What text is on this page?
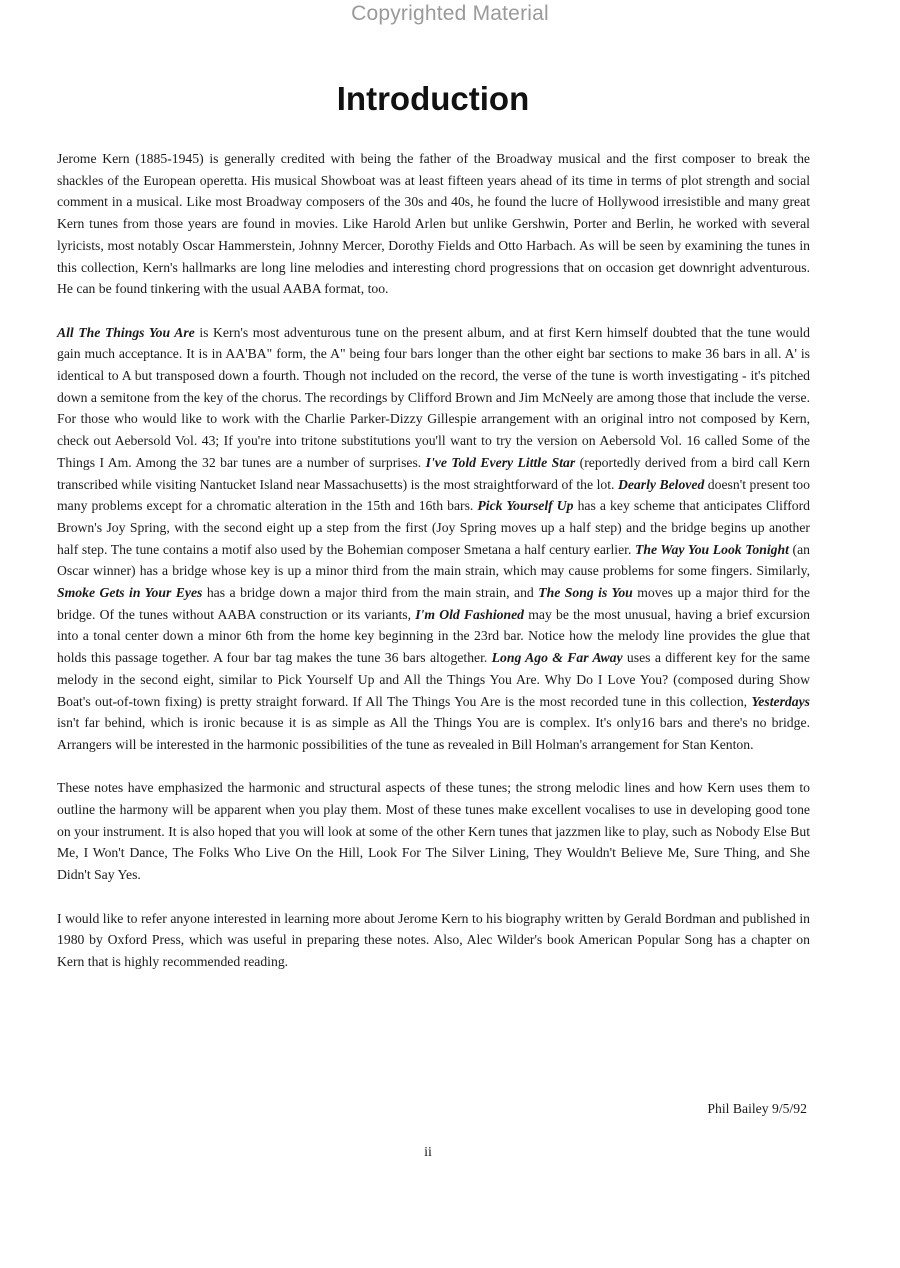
Copyrighted Material
Introduction

Jerome Kern (1885-1945) is generally credited with being the father of the Broadway musical and the first composer to break the shackles of the European operetta. His musical Showboat was at least fifteen years ahead of its time in terms of plot strength and social comment in a musical. Like most Broadway composers of the 30s and 40s, he found the lucre of Hollywood irresistible and many great Kern tunes from those years are found in movies. Like Harold Arlen but unlike Gershwin, Porter and Berlin, he worked with several lyricists, most notably Oscar Hammerstein, Johnny Mercer, Dorothy Fields and Otto Harbach. As will be seen by examining the tunes in this collection, Kern's hallmarks are long line melodies and interesting chord progressions that on occasion get downright adventurous. He can be found tinkering with the usual AABA format, too.

All The Things You Are is Kern's most adventurous tune on the present album, and at first Kern himself doubted that the tune would gain much acceptance. It is in AA'BA" form, the A" being four bars longer than the other eight bar sections to make 36 bars in all. A' is identical to A but transposed down a fourth. Though not included on the record, the verse of the tune is worth investigating - it's pitched down a semitone from the key of the chorus. The recordings by Clifford Brown and Jim McNeely are among those that include the verse. For those who would like to work with the Charlie Parker-Dizzy Gillespie arrangement with an original intro not composed by Kern, check out Aebersold Vol. 43; If you're into tritone substitutions you'll want to try the version on Aebersold Vol. 16 called Some of the Things I Am. Among the 32 bar tunes are a number of surprises. I've Told Every Little Star (reportedly derived from a bird call Kern transcribed while visiting Nantucket Island near Massachusetts) is the most straightforward of the lot. Dearly Beloved doesn't present too many problems except for a chromatic alteration in the 15th and 16th bars. Pick Yourself Up has a key scheme that anticipates Clifford Brown's Joy Spring, with the second eight up a step from the first (Joy Spring moves up a half step) and the bridge begins up another half step. The tune contains a motif also used by the Bohemian composer Smetana a half century earlier. The Way You Look Tonight (an Oscar winner) has a bridge whose key is up a minor third from the main strain, which may cause problems for some fingers. Similarly, Smoke Gets in Your Eyes has a bridge down a major third from the main strain, and The Song is You moves up a major third for the bridge. Of the tunes without AABA construction or its variants, I'm Old Fashioned may be the most unusual, having a brief excursion into a tonal center down a minor 6th from the home key beginning in the 23rd bar. Notice how the melody line provides the glue that holds this passage together. A four bar tag makes the tune 36 bars altogether. Long Ago & Far Away uses a different key for the same melody in the second eight, similar to Pick Yourself Up and All the Things You Are. Why Do I Love You? (composed during Show Boat's out-of-town fixing) is pretty straight forward. If All The Things You Are is the most recorded tune in this collection, Yesterdays isn't far behind, which is ironic because it is as simple as All the Things You are is complex. It's only16 bars and there's no bridge. Arrangers will be interested in the harmonic possibilities of the tune as revealed in Bill Holman's arrangement for Stan Kenton.

These notes have emphasized the harmonic and structural aspects of these tunes; the strong melodic lines and how Kern uses them to outline the harmony will be apparent when you play them. Most of these tunes make excellent vocalises to use in developing good tone on your instrument. It is also hoped that you will look at some of the other Kern tunes that jazzmen like to play, such as Nobody Else But Me, I Won't Dance, The Folks Who Live On the Hill, Look For The Silver Lining, They Wouldn't Believe Me, Sure Thing, and She Didn't Say Yes.

I would like to refer anyone interested in learning more about Jerome Kern to his biography written by Gerald Bordman and published in 1980 by Oxford Press, which was useful in preparing these notes. Also, Alec Wilder's book American Popular Song has a chapter on Kern that is highly recommended reading.

Phil Bailey 9/5/92
ii
